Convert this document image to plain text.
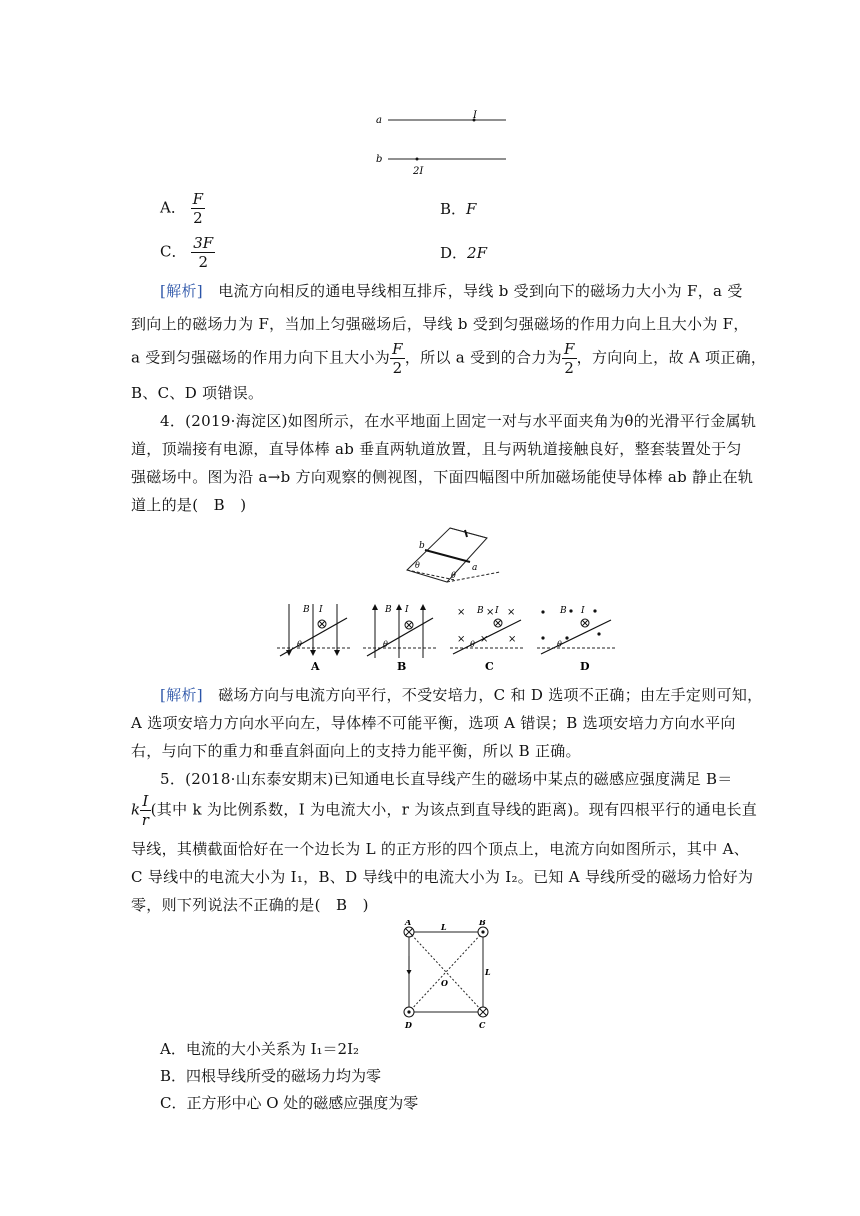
a	I
b
2I
A． $\frac{F}{2}$	B．F
C． $\frac{3F}{2}$	D．2F
[解析]　 电流方向相反的通电导线相互排斥，导线 b 受到向下的磁场力大小为 F，a 受
到向上的磁场力为 F，当加上匀强磁场后，导线 b 受到匀强磁场的作用力向上且大小为 F，
a 受到匀强磁场的作用力向下且大小为 $\frac{F}{2}$ ，所以 a 受到的合力为 $\frac{F}{2}$ ，方向向上，故 A 项正确，
B、C、D 项错误。
4．(2019·海淀区)如图所示，在水平地面上固定一对与水平面夹角为θ的光滑平行金属轨
道，顶端接有电源，直导体棒 ab 垂直两轨道放置，且与两轨道接触良好，整套装置处于匀
强磁场中。图为沿 a→b 方向观察的侧视图，下面四幅图中所加磁场能使导体棒 ab 静止在轨
道上的是(　B　)
b
a
θ
θ
B I
θ
A
B I
θ
B
× B × I ×
× × ×
θ
C
B I
θ
D
[解析]　 磁场方向与电流方向平行，不受安培力，C 和 D 选项不正确；由左手定则可知，
A 选项安培力方向水平向左，导体棒不可能平衡，选项 A 错误；B 选项安培力方向水平向
右，与向下的重力和垂直斜面向上的支持力能平衡，所以 B 正确。
5．(2018·山东泰安期末)已知通电长直导线产生的磁场中某点的磁感应强度满足 B＝
k $\frac{I}{r}$ (其中 k 为比例系数，I 为电流大小，r 为该点到直导线的距离)。现有四根平行的通电长直
导线，其横截面恰好在一个边长为 L 的正方形的四个顶点上，电流方向如图所示，其中 A、
C 导线中的电流大小为 I₁，B、D 导线中的电流大小为 I₂。已知 A 导线所受的磁场力恰好为
零，则下列说法不正确的是(　B　)
A	B
C
D
O
L
L
A．电流的大小关系为 I₁＝2I₂
B．四根导线所受的磁场力均为零
C．正方形中心 O 处的磁感应强度为零
